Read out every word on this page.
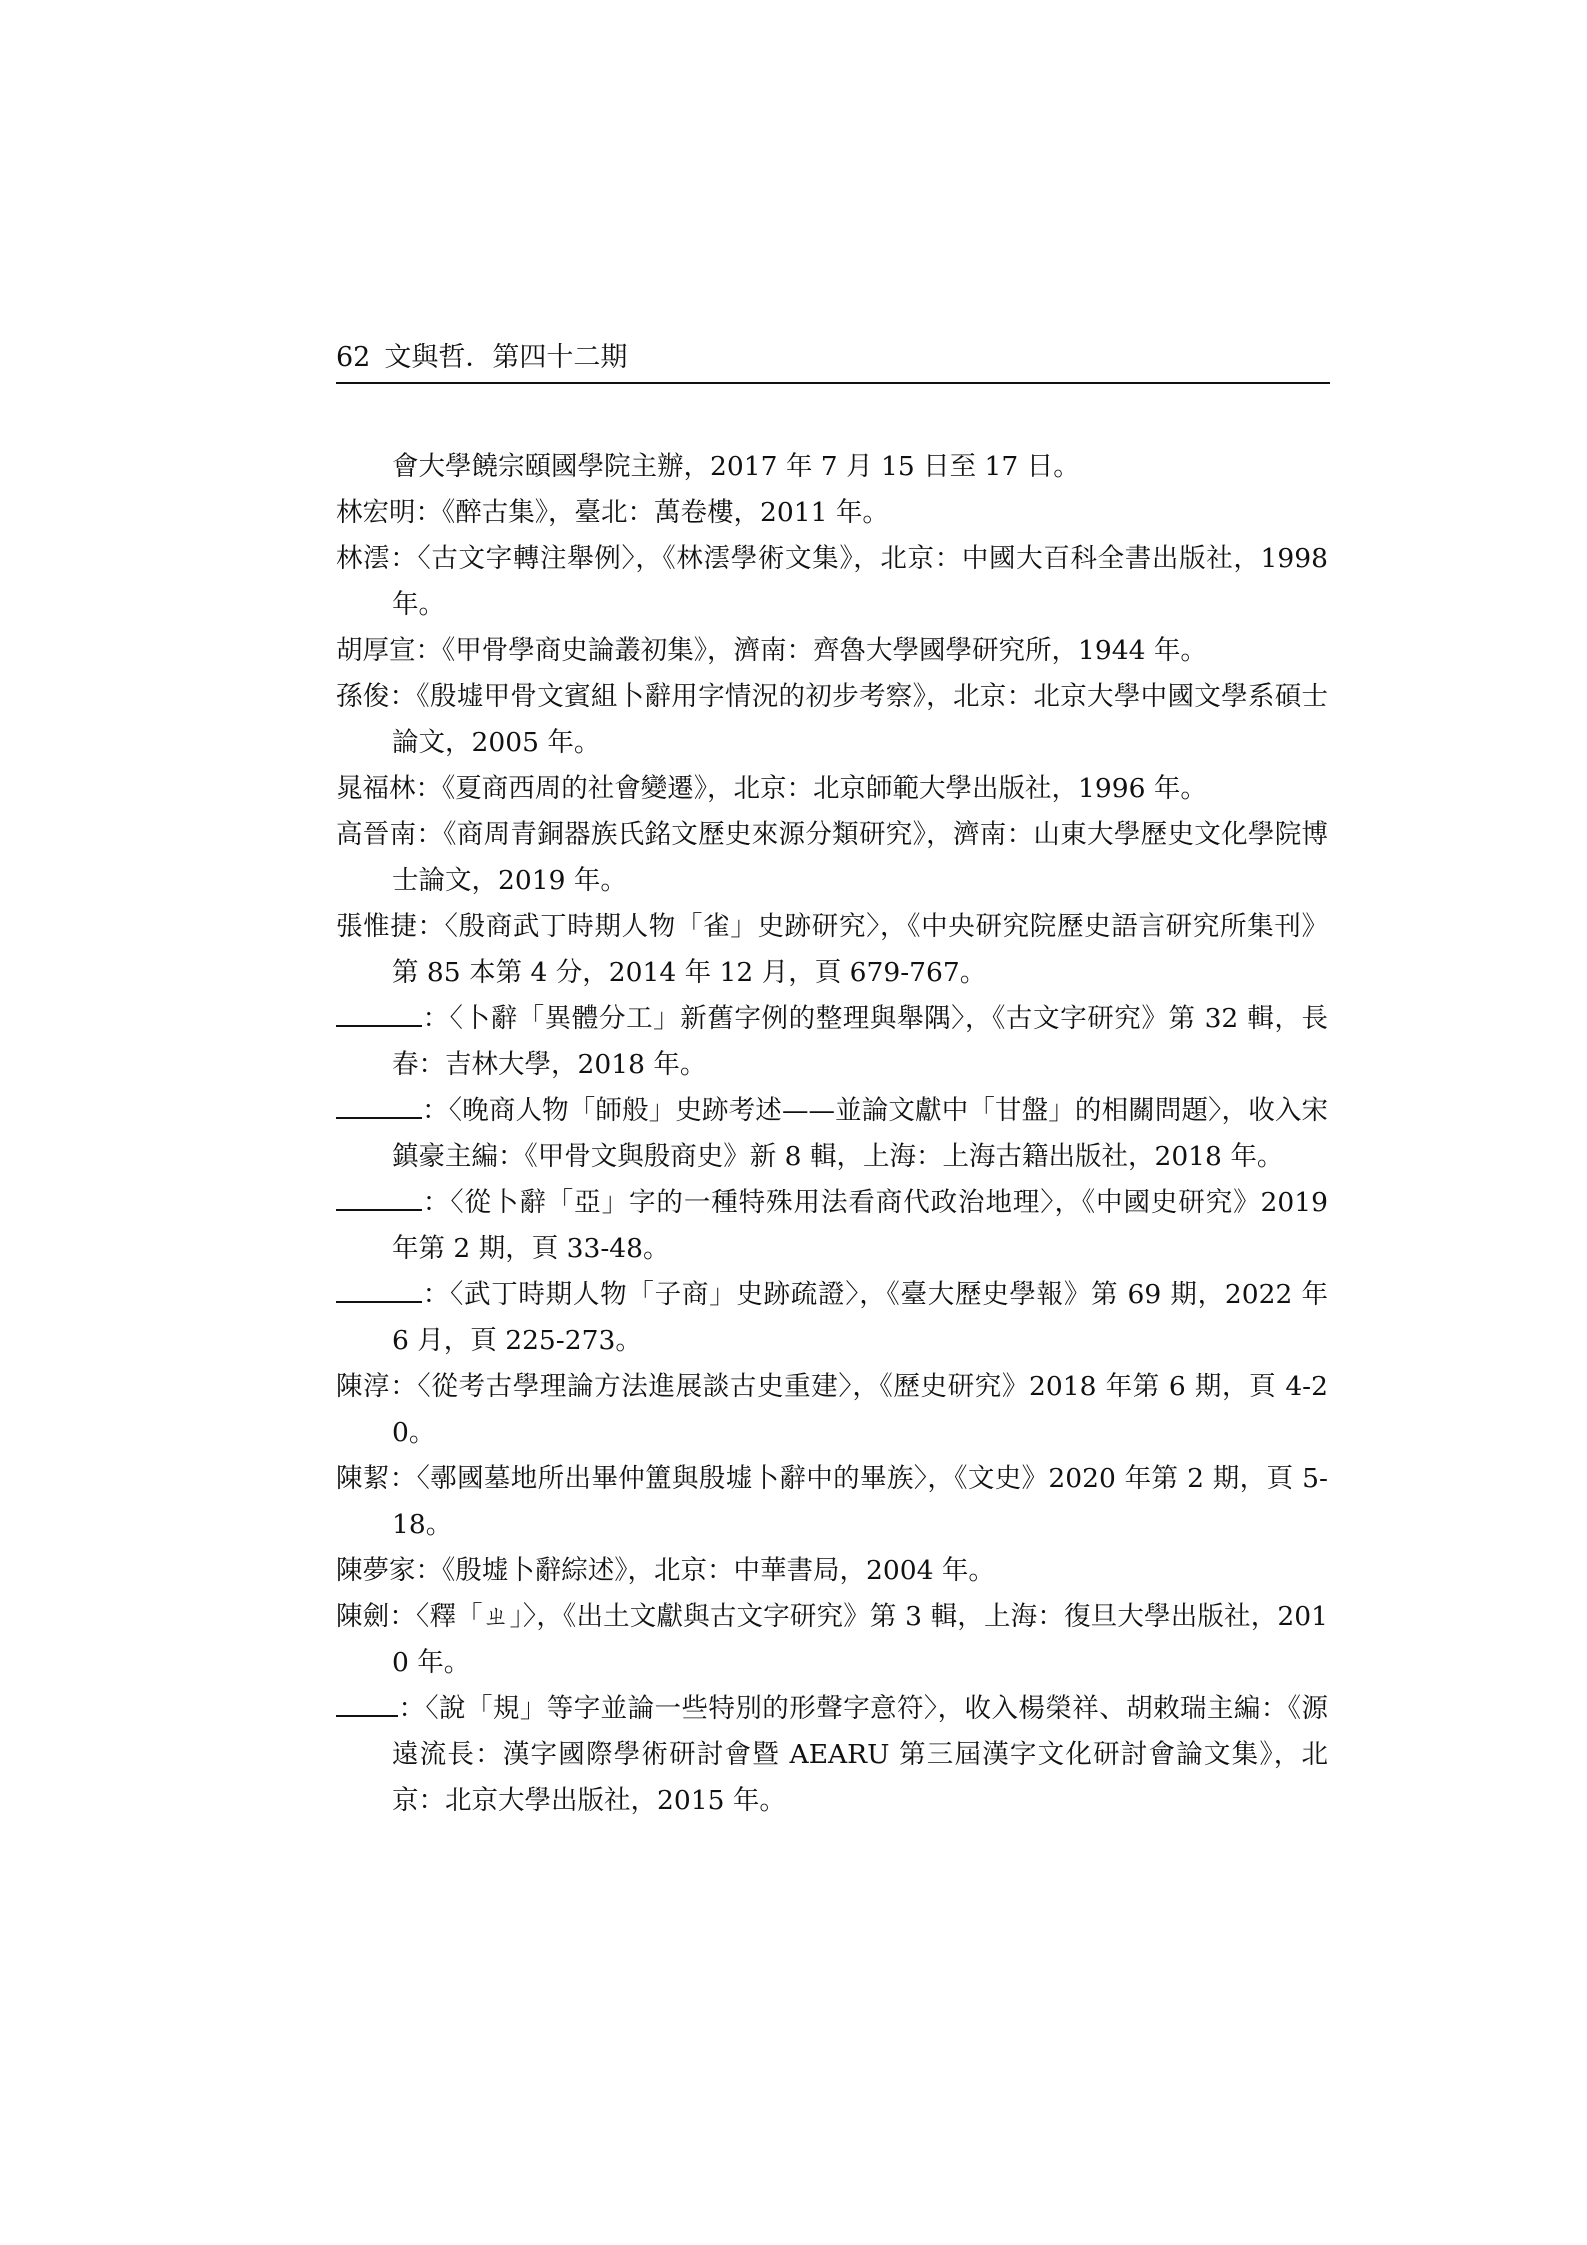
62 文與哲．第四十二期

會大學饒宗頤國學院主辦，2017 年 7 月 15 日至 17 日。

林宏明：《醉古集》，臺北：萬卷樓，2011 年。

林澐：〈古文字轉注舉例〉，《林澐學術文集》，北京：中國大百科全書出版社，1998 年。

胡厚宣：《甲骨學商史論叢初集》，濟南：齊魯大學國學研究所，1944 年。

孫俊：《殷墟甲骨文賓組卜辭用字情況的初步考察》，北京：北京大學中國文學系碩士論文，2005 年。

晁福林：《夏商西周的社會變遷》，北京：北京師範大學出版社，1996 年。

高晉南：《商周青銅器族氏銘文歷史來源分類研究》，濟南：山東大學歷史文化學院博士論文，2019 年。

張惟捷：〈殷商武丁時期人物「雀」史跡研究〉，《中央研究院歷史語言研究所集刊》第 85 本第 4 分，2014 年 12 月，頁 679-767。

：〈卜辭「異體分工」新舊字例的整理與舉隅〉，《古文字研究》第 32 輯，長春：吉林大學，2018 年。

：〈晚商人物「師般」史跡考述——並論文獻中「甘盤」的相關問題〉，收入宋鎮豪主編：《甲骨文與殷商史》新 8 輯，上海：上海古籍出版社，2018 年。

：〈從卜辭「亞」字的一種特殊用法看商代政治地理〉，《中國史研究》2019 年第 2 期，頁 33-48。

：〈武丁時期人物「子商」史跡疏證〉，《臺大歷史學報》第 69 期，2022 年 6 月，頁 225-273。

陳淳：〈從考古學理論方法進展談古史重建〉，《歷史研究》2018 年第 6 期，頁 4-20。

陳絜：〈鄩國墓地所出畢仲簠與殷墟卜辭中的畢族〉，《文史》2020 年第 2 期，頁 5-18。

陳夢家：《殷墟卜辭綜述》，北京：中華書局，2004 年。

陳劍：〈釋「ㄓ」〉，《出土文獻與古文字研究》第 3 輯，上海：復旦大學出版社，2010 年。

：〈說「規」等字並論一些特別的形聲字意符〉，收入楊榮祥、胡敕瑞主編：《源遠流長：漢字國際學術研討會暨 AEARU 第三屆漢字文化研討會論文集》，北京：北京大學出版社，2015 年。
